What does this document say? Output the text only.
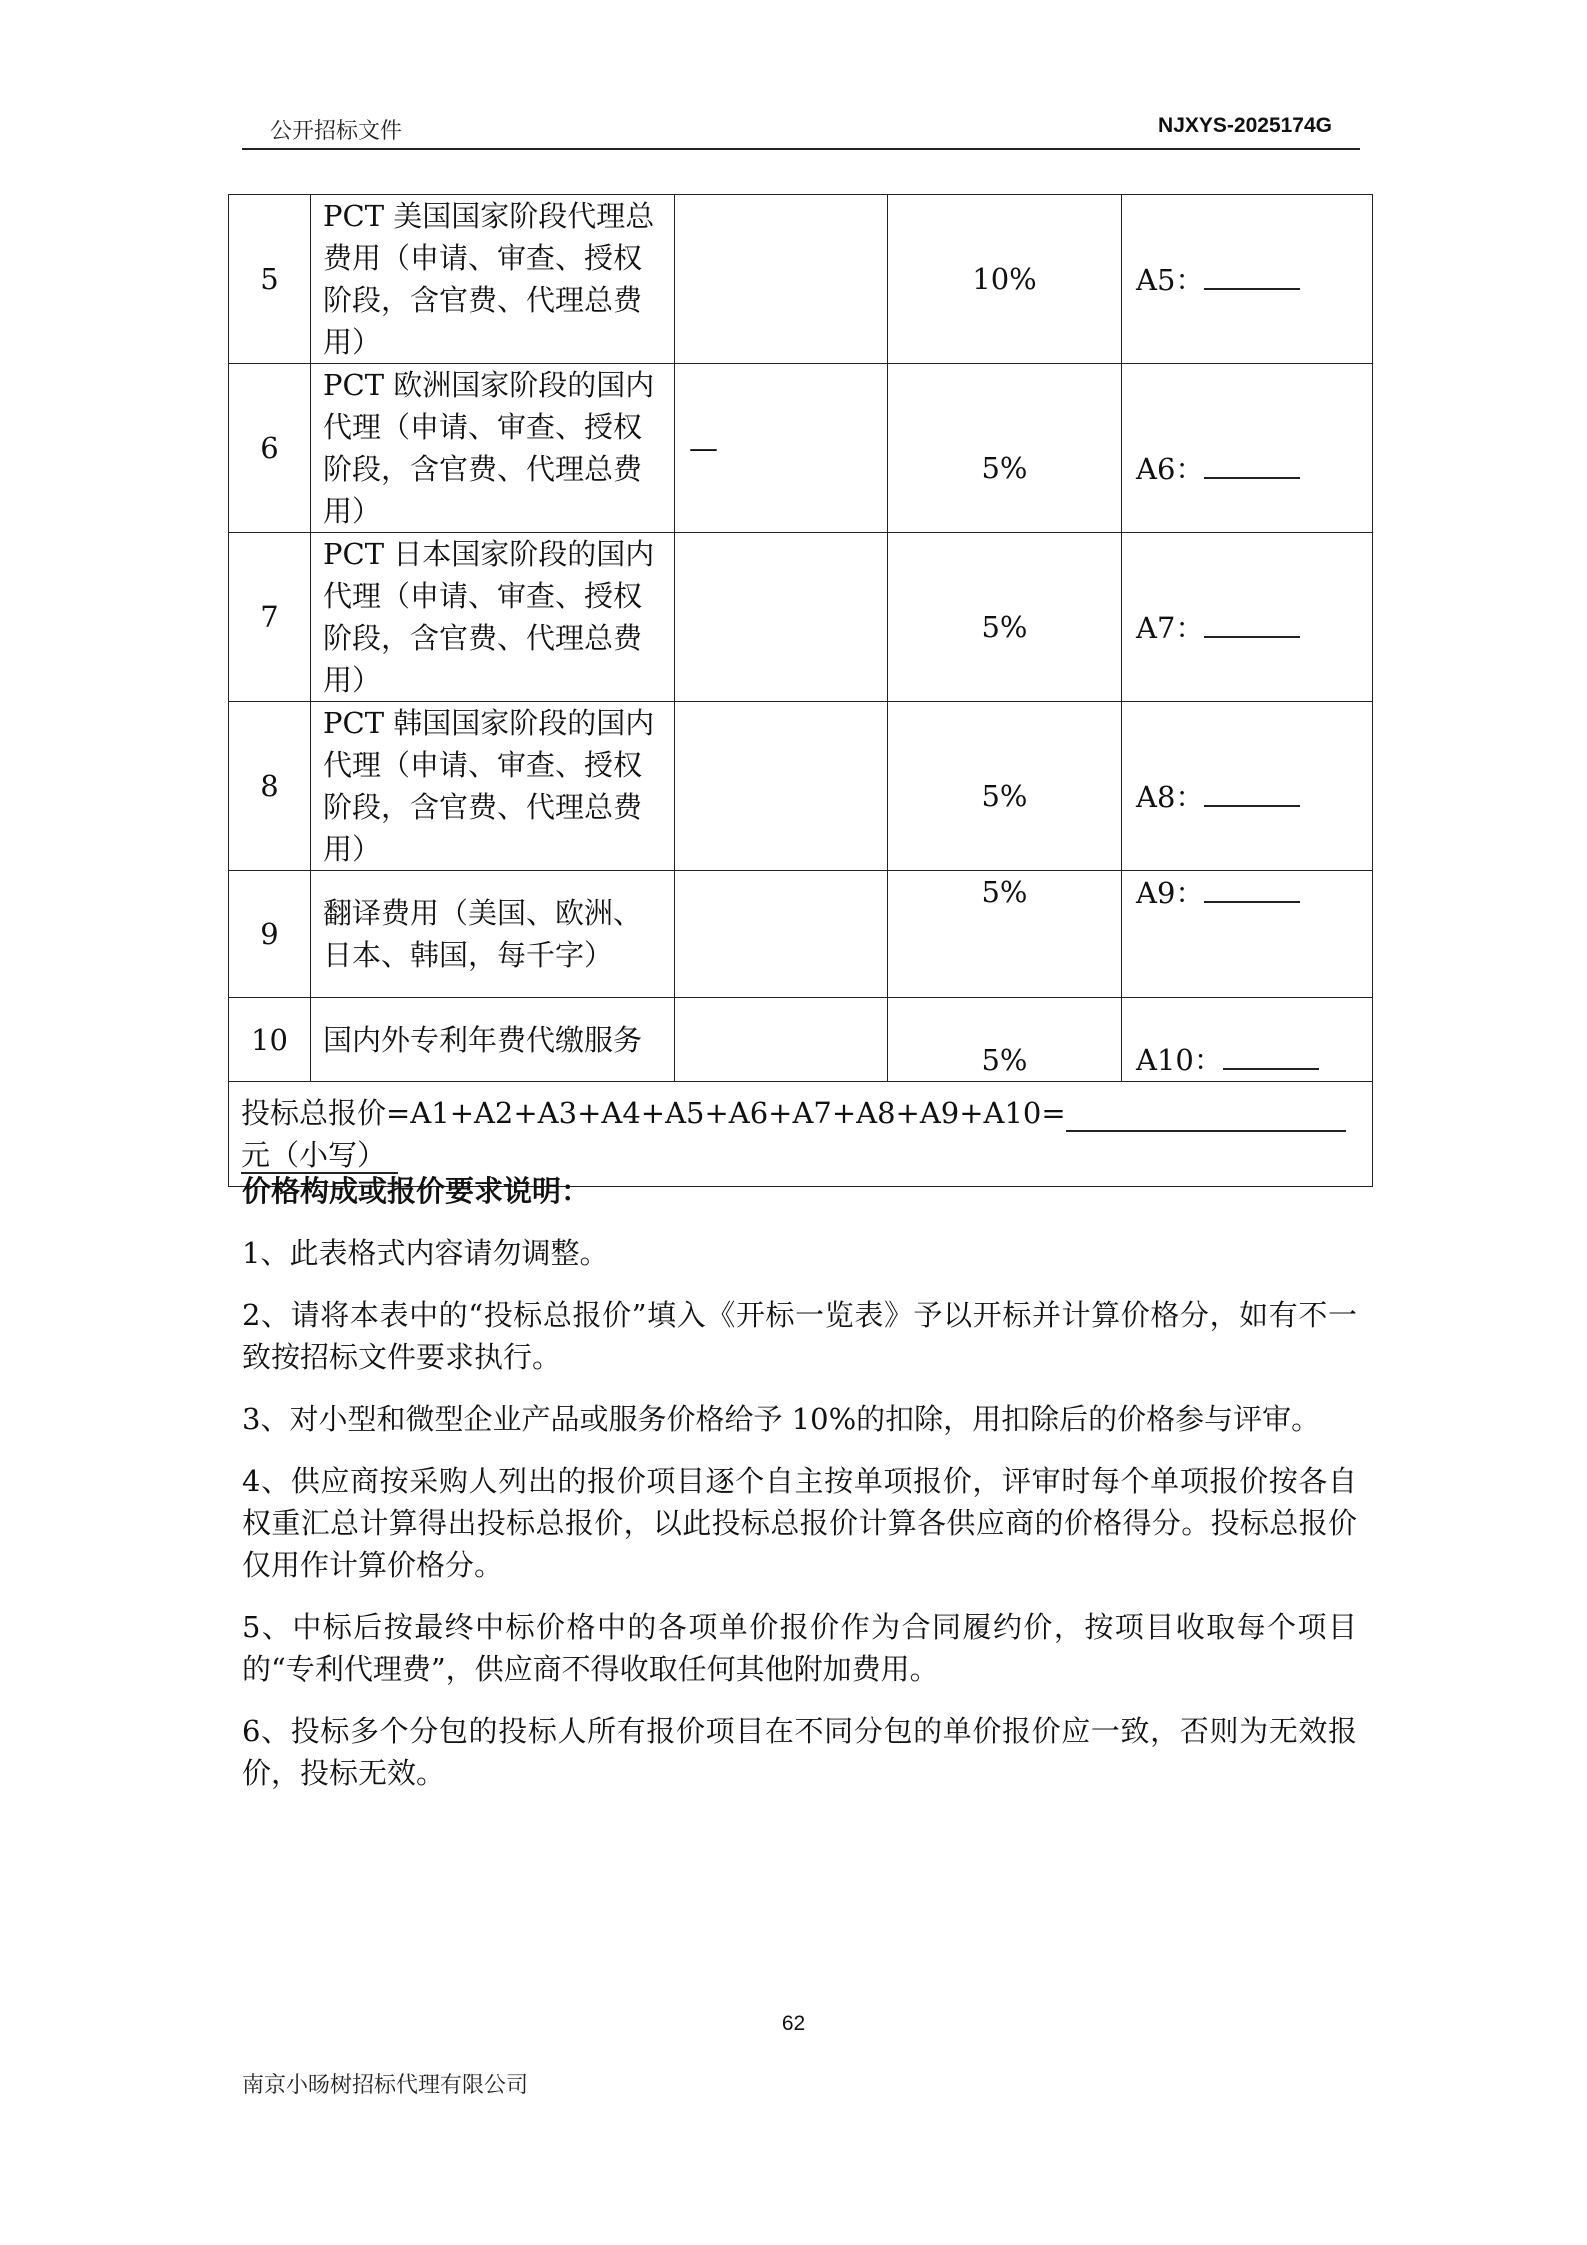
公开招标文件	NJXYS-2025174G
5	PCT 美国国家阶段代理总费用（申请、审查、授权阶段，含官费、代理总费用）		10%	A5：
6	PCT 欧洲国家阶段的国内代理（申请、审查、授权阶段，含官费、代理总费用）	—	5%	A6：
7	PCT 日本国家阶段的国内代理（申请、审查、授权阶段，含官费、代理总费用）		5%	A7：
8	PCT 韩国国家阶段的国内代理（申请、审查、授权阶段，含官费、代理总费用）		5%	A8：
9	翻译费用（美国、欧洲、日本、韩国，每千字）		5%	A9：
10	国内外专利年费代缴服务		5%	A10：
投标总报价=A1+A2+A3+A4+A5+A6+A7+A8+A9+A10=元（小写）				

价格构成或报价要求说明：

1、此表格式内容请勿调整。

2、请将本表中的“投标总报价”填入《开标一览表》予以开标并计算价格分，如有不一致按招标文件要求执行。

3、对小型和微型企业产品或服务价格给予 10%的扣除，用扣除后的价格参与评审。

4、供应商按采购人列出的报价项目逐个自主按单项报价，评审时每个单项报价按各自权重汇总计算得出投标总报价，以此投标总报价计算各供应商的价格得分。投标总报价仅用作计算价格分。

5、中标后按最终中标价格中的各项单价报价作为合同履约价，按项目收取每个项目的“专利代理费”，供应商不得收取任何其他附加费用。

6、投标多个分包的投标人所有报价项目在不同分包的单价报价应一致，否则为无效报价，投标无效。

62
南京小旸树招标代理有限公司
